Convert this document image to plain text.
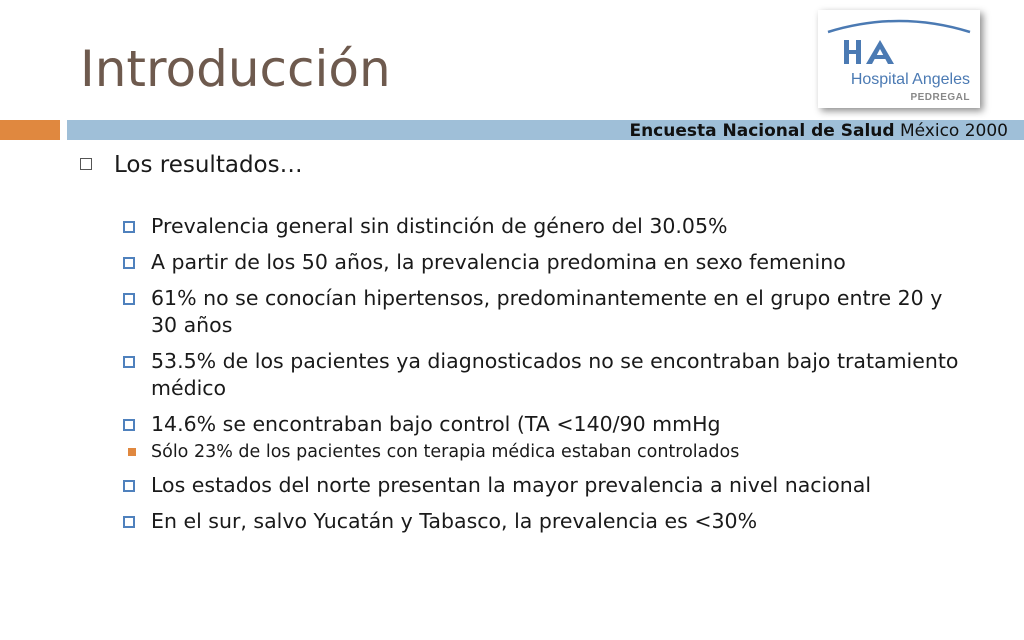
Introducción	Hospital Angeles
PEDREGAL
Encuesta Nacional de Salud México 2000
Los resultados…
Prevalencia general sin distinción de género del 30.05%
A partir de los 50 años, la prevalencia predomina en sexo femenino
61% no se conocían hipertensos, predominantemente en el grupo entre 20 y 30 años
53.5% de los pacientes ya diagnosticados no se encontraban bajo tratamiento médico
14.6% se encontraban bajo control (TA <140/90 mmHg
Sólo 23% de los pacientes con terapia médica estaban controlados
Los estados del norte presentan la mayor prevalencia a nivel nacional
En el sur, salvo Yucatán y Tabasco, la prevalencia es <30%
